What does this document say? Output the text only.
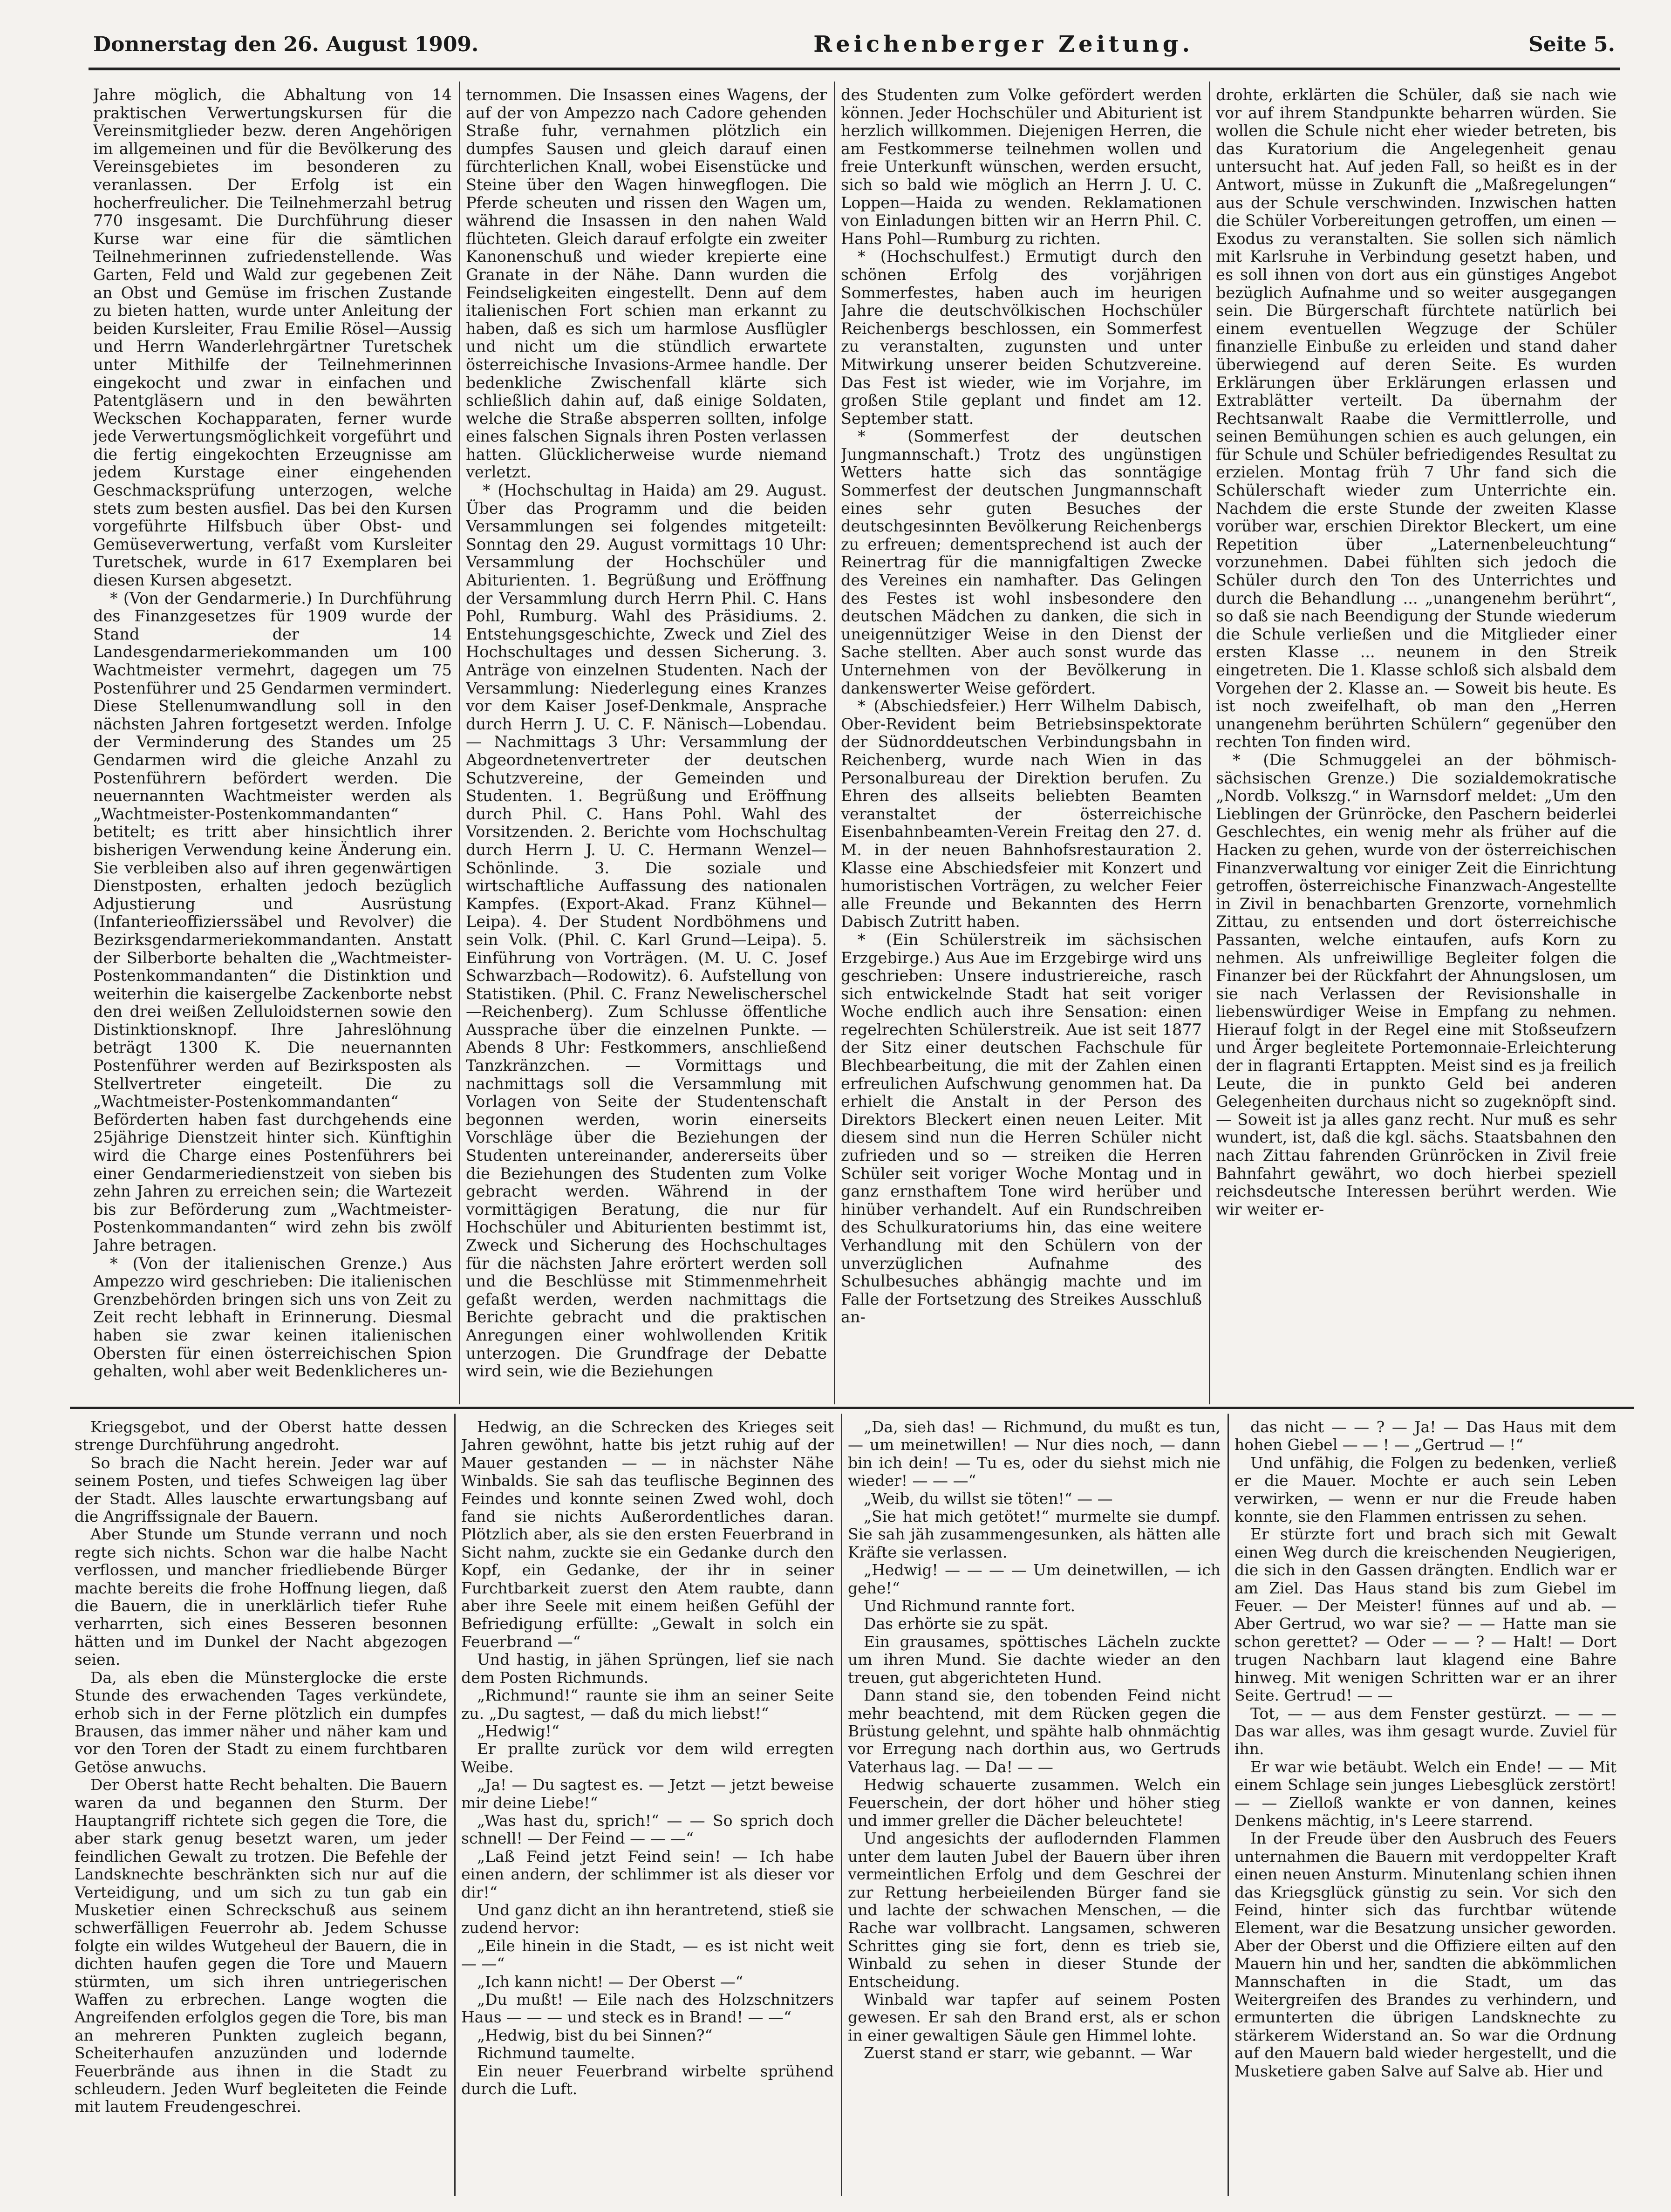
Donnerstag den 26. August 1909.	Reichenberger Zeitung.	Seite 5.

Jahre möglich, die Abhaltung von 14 praktischen Verwertungskursen für die Vereinsmitglieder bezw. deren Angehörigen im allgemeinen und für die Bevölkerung des Vereinsgebietes im besonderen zu veranlassen. Der Erfolg ist ein hocherfreulicher. Die Teilnehmerzahl betrug 770 insgesamt. Die Durchführung dieser Kurse war eine für die sämtlichen Teilnehmerinnen zufriedenstellende. Was Garten, Feld und Wald zur gegebenen Zeit an Obst und Gemüse im frischen Zustande zu bieten hatten, wurde unter Anleitung der beiden Kursleiter, Frau Emilie Rösel—Aussig und Herrn Wanderlehrgärtner Turetschek unter Mithilfe der Teilnehmerinnen eingekocht und zwar in einfachen und Patentgläsern und in den bewährten Weckschen Kochapparaten, ferner wurde jede Verwertungsmöglichkeit vorgeführt und die fertig eingekochten Erzeugnisse am jedem Kurstage einer eingehenden Geschmacksprüfung unterzogen, welche stets zum besten ausfiel. Das bei den Kursen vorgeführte Hilfsbuch über Obst- und Gemüseverwertung, verfaßt vom Kursleiter Turetschek, wurde in 617 Exemplaren bei diesen Kursen abgesetzt.

* (Von der Gendarmerie.) In Durchführung des Finanzgesetzes für 1909 wurde der Stand der 14 Landesgendarmeriekommanden um 100 Wachtmeister vermehrt, dagegen um 75 Postenführer und 25 Gendarmen vermindert. Diese Stellenumwandlung soll in den nächsten Jahren fortgesetzt werden. Infolge der Verminderung des Standes um 25 Gendarmen wird die gleiche Anzahl zu Postenführern befördert werden. Die neuernannten Wachtmeister werden als „Wachtmeister-Postenkommandanten“ betitelt; es tritt aber hinsichtlich ihrer bisherigen Verwendung keine Änderung ein. Sie verbleiben also auf ihren gegenwärtigen Dienstposten, erhalten jedoch bezüglich Adjustierung und Ausrüstung (Infanterieoffizierssäbel und Revolver) die Bezirksgendarmeriekommandanten. Anstatt der Silberborte behalten die „Wachtmeister-Postenkommandanten“ die Distinktion und weiterhin die kaisergelbe Zackenborte nebst den drei weißen Zelluloidsternen sowie den Distinktionsknopf. Ihre Jahreslöhnung beträgt 1300 K. Die neuernannten Postenführer werden auf Bezirksposten als Stellvertreter eingeteilt. Die zu „Wachtmeister-Postenkommandanten“ Beförderten haben fast durchgehends eine 25jährige Dienstzeit hinter sich. Künftighin wird die Charge eines Postenführers bei einer Gendarmeriedienstzeit von sieben bis zehn Jahren zu erreichen sein; die Wartezeit bis zur Beförderung zum „Wachtmeister-Postenkommandanten“ wird zehn bis zwölf Jahre betragen.

* (Von der italienischen Grenze.) Aus Ampezzo wird geschrieben: Die italienischen Grenzbehörden bringen sich uns von Zeit zu Zeit recht lebhaft in Erinnerung. Diesmal haben sie zwar keinen italienischen Obersten für einen österreichischen Spion gehalten, wohl aber weit Bedenklicheres un-

ternommen. Die Insassen eines Wagens, der auf der von Ampezzo nach Cadore gehenden Straße fuhr, vernahmen plötzlich ein dumpfes Sausen und gleich darauf einen fürchterlichen Knall, wobei Eisenstücke und Steine über den Wagen hinwegflogen. Die Pferde scheuten und rissen den Wagen um, während die Insassen in den nahen Wald flüchteten. Gleich darauf erfolgte ein zweiter Kanonenschuß und wieder krepierte eine Granate in der Nähe. Dann wurden die Feindseligkeiten eingestellt. Denn auf dem italienischen Fort schien man erkannt zu haben, daß es sich um harmlose Ausflügler und nicht um die stündlich erwartete österreichische Invasions-Armee handle. Der bedenkliche Zwischenfall klärte sich schließlich dahin auf, daß einige Soldaten, welche die Straße absperren sollten, infolge eines falschen Signals ihren Posten verlassen hatten. Glücklicherweise wurde niemand verletzt.

* (Hochschultag in Haida) am 29. August. Über das Programm und die beiden Versammlungen sei folgendes mitgeteilt: Sonntag den 29. August vormittags 10 Uhr: Versammlung der Hochschüler und Abiturienten. 1. Begrüßung und Eröffnung der Versammlung durch Herrn Phil. C. Hans Pohl, Rumburg. Wahl des Präsidiums. 2. Entstehungsgeschichte, Zweck und Ziel des Hochschultages und dessen Sicherung. 3. Anträge von einzelnen Studenten. Nach der Versammlung: Niederlegung eines Kranzes vor dem Kaiser Josef-Denkmale, Ansprache durch Herrn J. U. C. F. Nänisch—Lobendau. — Nachmittags 3 Uhr: Versammlung der Abgeordnetenvertreter der deutschen Schutzvereine, der Gemeinden und Studenten. 1. Begrüßung und Eröffnung durch Phil. C. Hans Pohl. Wahl des Vorsitzenden. 2. Berichte vom Hochschultag durch Herrn J. U. C. Hermann Wenzel—Schönlinde. 3. Die soziale und wirtschaftliche Auffassung des nationalen Kampfes. (Export-Akad. Franz Kühnel—Leipa). 4. Der Student Nordböhmens und sein Volk. (Phil. C. Karl Grund—Leipa). 5. Einführung von Vorträgen. (M. U. C. Josef Schwarzbach—Rodowitz). 6. Aufstellung von Statistiken. (Phil. C. Franz Newelischerschel—Reichenberg). Zum Schlusse öffentliche Aussprache über die einzelnen Punkte. — Abends 8 Uhr: Festkommers, anschließend Tanzkränzchen. — Vormittags und nachmittags soll die Versammlung mit Vorlagen von Seite der Studentenschaft begonnen werden, worin einerseits Vorschläge über die Beziehungen der Studenten untereinander, andererseits über die Beziehungen des Studenten zum Volke gebracht werden. Während in der vormittägigen Beratung, die nur für Hochschüler und Abiturienten bestimmt ist, Zweck und Sicherung des Hochschultages für die nächsten Jahre erörtert werden soll und die Beschlüsse mit Stimmenmehrheit gefaßt werden, werden nachmittags die Berichte gebracht und die praktischen Anregungen einer wohlwollenden Kritik unterzogen. Die Grundfrage der Debatte wird sein, wie die Beziehungen

des Studenten zum Volke gefördert werden können. Jeder Hochschüler und Abiturient ist herzlich willkommen. Diejenigen Herren, die am Festkommerse teilnehmen wollen und freie Unterkunft wünschen, werden ersucht, sich so bald wie möglich an Herrn J. U. C. Loppen—Haida zu wenden. Reklamationen von Einladungen bitten wir an Herrn Phil. C. Hans Pohl—Rumburg zu richten.

* (Hochschulfest.) Ermutigt durch den schönen Erfolg des vorjährigen Sommerfestes, haben auch im heurigen Jahre die deutschvölkischen Hochschüler Reichenbergs beschlossen, ein Sommerfest zu veranstalten, zugunsten und unter Mitwirkung unserer beiden Schutzvereine. Das Fest ist wieder, wie im Vorjahre, im großen Stile geplant und findet am 12. September statt.

* (Sommerfest der deutschen Jungmannschaft.) Trotz des ungünstigen Wetters hatte sich das sonntägige Sommerfest der deutschen Jungmannschaft eines sehr guten Besuches der deutschgesinnten Bevölkerung Reichenbergs zu erfreuen; dementsprechend ist auch der Reinertrag für die mannigfaltigen Zwecke des Vereines ein namhafter. Das Gelingen des Festes ist wohl insbesondere den deutschen Mädchen zu danken, die sich in uneigennütziger Weise in den Dienst der Sache stellten. Aber auch sonst wurde das Unternehmen von der Bevölkerung in dankenswerter Weise gefördert.

* (Abschiedsfeier.) Herr Wilhelm Dabisch, Ober-Revident beim Betriebsinspektorate der Südnorddeutschen Verbindungsbahn in Reichenberg, wurde nach Wien in das Personalbureau der Direktion berufen. Zu Ehren des allseits beliebten Beamten veranstaltet der österreichische Eisenbahnbeamten-Verein Freitag den 27. d. M. in der neuen Bahnhofsrestauration 2. Klasse eine Abschiedsfeier mit Konzert und humoristischen Vorträgen, zu welcher Feier alle Freunde und Bekannten des Herrn Dabisch Zutritt haben.

* (Ein Schülerstreik im sächsischen Erzgebirge.) Aus Aue im Erzgebirge wird uns geschrieben: Unsere industriereiche, rasch sich entwickelnde Stadt hat seit voriger Woche endlich auch ihre Sensation: einen regelrechten Schülerstreik. Aue ist seit 1877 der Sitz einer deutschen Fachschule für Blechbearbeitung, die mit der Zahlen einen erfreulichen Aufschwung genommen hat. Da erhielt die Anstalt in der Person des Direktors Bleckert einen neuen Leiter. Mit diesem sind nun die Herren Schüler nicht zufrieden und so — streiken die Herren Schüler seit voriger Woche Montag und in ganz ernsthaftem Tone wird herüber und hinüber verhandelt. Auf ein Rundschreiben des Schulkuratoriums hin, das eine weitere Verhandlung mit den Schülern von der unverzüglichen Aufnahme des Schulbesuches abhängig machte und im Falle der Fortsetzung des Streikes Ausschluß an-

drohte, erklärten die Schüler, daß sie nach wie vor auf ihrem Standpunkte beharren würden. Sie wollen die Schule nicht eher wieder betreten, bis das Kuratorium die Angelegenheit genau untersucht hat. Auf jeden Fall, so heißt es in der Antwort, müsse in Zukunft die „Maßregelungen“ aus der Schule verschwinden. Inzwischen hatten die Schüler Vorbereitungen getroffen, um einen — Exodus zu veranstalten. Sie sollen sich nämlich mit Karlsruhe in Verbindung gesetzt haben, und es soll ihnen von dort aus ein günstiges Angebot bezüglich Aufnahme und so weiter ausgegangen sein. Die Bürgerschaft fürchtete natürlich bei einem eventuellen Wegzuge der Schüler finanzielle Einbuße zu erleiden und stand daher überwiegend auf deren Seite. Es wurden Erklärungen über Erklärungen erlassen und Extrablätter verteilt. Da übernahm der Rechtsanwalt Raabe die Vermittlerrolle, und seinen Bemühungen schien es auch gelungen, ein für Schule und Schüler befriedigendes Resultat zu erzielen. Montag früh 7 Uhr fand sich die Schülerschaft wieder zum Unterrichte ein. Nachdem die erste Stunde der zweiten Klasse vorüber war, erschien Direktor Bleckert, um eine Repetition über „Laternenbeleuchtung“ vorzunehmen. Dabei fühlten sich jedoch die Schüler durch den Ton des Unterrichtes und durch die Behandlung ... „unangenehm berührt“, so daß sie nach Beendigung der Stunde wiederum die Schule verließen und die Mitglieder einer ersten Klasse ... neunem in den Streik eingetreten. Die 1. Klasse schloß sich alsbald dem Vorgehen der 2. Klasse an. — Soweit bis heute. Es ist noch zweifelhaft, ob man den „Herren unangenehm berührten Schülern“ gegenüber den rechten Ton finden wird.

* (Die Schmuggelei an der böhmisch-sächsischen Grenze.) Die sozialdemokratische „Nordb. Volkszg.“ in Warnsdorf meldet: „Um den Lieblingen der Grünröcke, den Paschern beiderlei Geschlechtes, ein wenig mehr als früher auf die Hacken zu gehen, wurde von der österreichischen Finanzverwaltung vor einiger Zeit die Einrichtung getroffen, österreichische Finanzwach-Angestellte in Zivil in benachbarten Grenzorte, vornehmlich Zittau, zu entsenden und dort österreichische Passanten, welche eintaufen, aufs Korn zu nehmen. Als unfreiwillige Begleiter folgen die Finanzer bei der Rückfahrt der Ahnungslosen, um sie nach Verlassen der Revisionshalle in liebenswürdiger Weise in Empfang zu nehmen. Hierauf folgt in der Regel eine mit Stoßseufzern und Ärger begleitete Portemonnaie-Erleichterung der in flagranti Ertappten. Meist sind es ja freilich Leute, die in punkto Geld bei anderen Gelegenheiten durchaus nicht so zugeknöpft sind. — Soweit ist ja alles ganz recht. Nur muß es sehr wundert, ist, daß die kgl. sächs. Staatsbahnen den nach Zittau fahrenden Grünröcken in Zivil freie Bahnfahrt gewährt, wo doch hierbei speziell reichsdeutsche Interessen berührt werden. Wie wir weiter er-

Kriegsgebot, und der Oberst hatte dessen strenge Durchführung angedroht.

So brach die Nacht herein. Jeder war auf seinem Posten, und tiefes Schweigen lag über der Stadt. Alles lauschte erwartungsbang auf die Angriffssignale der Bauern.

Aber Stunde um Stunde verrann und noch regte sich nichts. Schon war die halbe Nacht verflossen, und mancher friedliebende Bürger machte bereits die frohe Hoffnung liegen, daß die Bauern, die in unerklärlich tiefer Ruhe verharrten, sich eines Besseren besonnen hätten und im Dunkel der Nacht abgezogen seien.

Da, als eben die Münsterglocke die erste Stunde des erwachenden Tages verkündete, erhob sich in der Ferne plötzlich ein dumpfes Brausen, das immer näher und näher kam und vor den Toren der Stadt zu einem furchtbaren Getöse anwuchs.

Der Oberst hatte Recht behalten. Die Bauern waren da und begannen den Sturm. Der Hauptangriff richtete sich gegen die Tore, die aber stark genug besetzt waren, um jeder feindlichen Gewalt zu trotzen. Die Befehle der Landsknechte beschränkten sich nur auf die Verteidigung, und um sich zu tun gab ein Musketier einen Schreckschuß aus seinem schwerfälligen Feuerrohr ab. Jedem Schusse folgte ein wildes Wutgeheul der Bauern, die in dichten haufen gegen die Tore und Mauern stürmten, um sich ihren untriegerischen Waffen zu erbrechen. Lange wogten die Angreifenden erfolglos gegen die Tore, bis man an mehreren Punkten zugleich begann, Scheiterhaufen anzuzünden und lodernde Feuerbrände aus ihnen in die Stadt zu schleudern. Jeden Wurf begleiteten die Feinde mit lautem Freudengeschrei.

Hedwig, an die Schrecken des Krieges seit Jahren gewöhnt, hatte bis jetzt ruhig auf der Mauer gestanden — — in nächster Nähe Winbalds. Sie sah das teuflische Beginnen des Feindes und konnte seinen Zwed wohl, doch fand sie nichts Außerordentliches daran. Plötzlich aber, als sie den ersten Feuerbrand in Sicht nahm, zuckte sie ein Gedanke durch den Kopf, ein Gedanke, der ihr in seiner Furchtbarkeit zuerst den Atem raubte, dann aber ihre Seele mit einem heißen Gefühl der Befriedigung erfüllte: „Gewalt in solch ein Feuerbrand —“

Und hastig, in jähen Sprüngen, lief sie nach dem Posten Richmunds.

„Richmund!“ raunte sie ihm an seiner Seite zu. „Du sagtest, — daß du mich liebst!“

„Hedwig!“

Er prallte zurück vor dem wild erregten Weibe.

„Ja! — Du sagtest es. — Jetzt — jetzt beweise mir deine Liebe!“

„Was hast du, sprich!“ — — So sprich doch schnell! — Der Feind — — —“

„Laß Feind jetzt Feind sein! — Ich habe einen andern, der schlimmer ist als dieser vor dir!“

Und ganz dicht an ihn herantretend, stieß sie zudend hervor:

„Eile hinein in die Stadt, — es ist nicht weit — —“

„Ich kann nicht! — Der Oberst —“

„Du mußt! — Eile nach des Holzschnitzers Haus — — — und steck es in Brand! — —“

„Hedwig, bist du bei Sinnen?“

Richmund taumelte.

Ein neuer Feuerbrand wirbelte sprühend durch die Luft.

„Da, sieh das! — Richmund, du mußt es tun, — um meinetwillen! — Nur dies noch, — dann bin ich dein! — Tu es, oder du siehst mich nie wieder! — — —“

„Weib, du willst sie töten!“ — —

„Sie hat mich getötet!“ murmelte sie dumpf. Sie sah jäh zusammengesunken, als hätten alle Kräfte sie verlassen.

„Hedwig! — — — — Um deinetwillen, — ich gehe!“

Und Richmund rannte fort.

Das erhörte sie zu spät.

Ein grausames, spöttisches Lächeln zuckte um ihren Mund. Sie dachte wieder an den treuen, gut abgerichteten Hund.

Dann stand sie, den tobenden Feind nicht mehr beachtend, mit dem Rücken gegen die Brüstung gelehnt, und spähte halb ohnmächtig vor Erregung nach dorthin aus, wo Gertruds Vaterhaus lag. — Da! — —

Hedwig schauerte zusammen. Welch ein Feuerschein, der dort höher und höher stieg und immer greller die Dächer beleuchtete!

Und angesichts der auflodernden Flammen unter dem lauten Jubel der Bauern über ihren vermeintlichen Erfolg und dem Geschrei der zur Rettung herbeieilenden Bürger fand sie und lachte der schwachen Menschen, — die Rache war vollbracht. Langsamen, schweren Schrittes ging sie fort, denn es trieb sie, Winbald zu sehen in dieser Stunde der Entscheidung.

Winbald war tapfer auf seinem Posten gewesen. Er sah den Brand erst, als er schon in einer gewaltigen Säule gen Himmel lohte.

Zuerst stand er starr, wie gebannt. — War

das nicht — — ? — Ja! — Das Haus mit dem hohen Giebel — — ! — „Gertrud — !“

Und unfähig, die Folgen zu bedenken, verließ er die Mauer. Mochte er auch sein Leben verwirken, — wenn er nur die Freude haben konnte, sie den Flammen entrissen zu sehen.

Er stürzte fort und brach sich mit Gewalt einen Weg durch die kreischenden Neugierigen, die sich in den Gassen drängten. Endlich war er am Ziel. Das Haus stand bis zum Giebel im Feuer. — Der Meister! fünnes auf und ab. — Aber Gertrud, wo war sie? — — Hatte man sie schon gerettet? — Oder — — ? — Halt! — Dort trugen Nachbarn laut klagend eine Bahre hinweg. Mit wenigen Schritten war er an ihrer Seite. Gertrud! — —

Tot, — — aus dem Fenster gestürzt. — — — Das war alles, was ihm gesagt wurde. Zuviel für ihn.

Er war wie betäubt. Welch ein Ende! — — Mit einem Schlage sein junges Liebesglück zerstört! — — Zielloß wankte er von dannen, keines Denkens mächtig, in's Leere starrend.

In der Freude über den Ausbruch des Feuers unternahmen die Bauern mit verdoppelter Kraft einen neuen Ansturm. Minutenlang schien ihnen das Kriegsglück günstig zu sein. Vor sich den Feind, hinter sich das furchtbar wütende Element, war die Besatzung unsicher geworden. Aber der Oberst und die Offiziere eilten auf den Mauern hin und her, sandten die abkömmlichen Mannschaften in die Stadt, um das Weitergreifen des Brandes zu verhindern, und ermunterten die übrigen Landsknechte zu stärkerem Widerstand an. So war die Ordnung auf den Mauern bald wieder hergestellt, und die Musketiere gaben Salve auf Salve ab. Hier und
